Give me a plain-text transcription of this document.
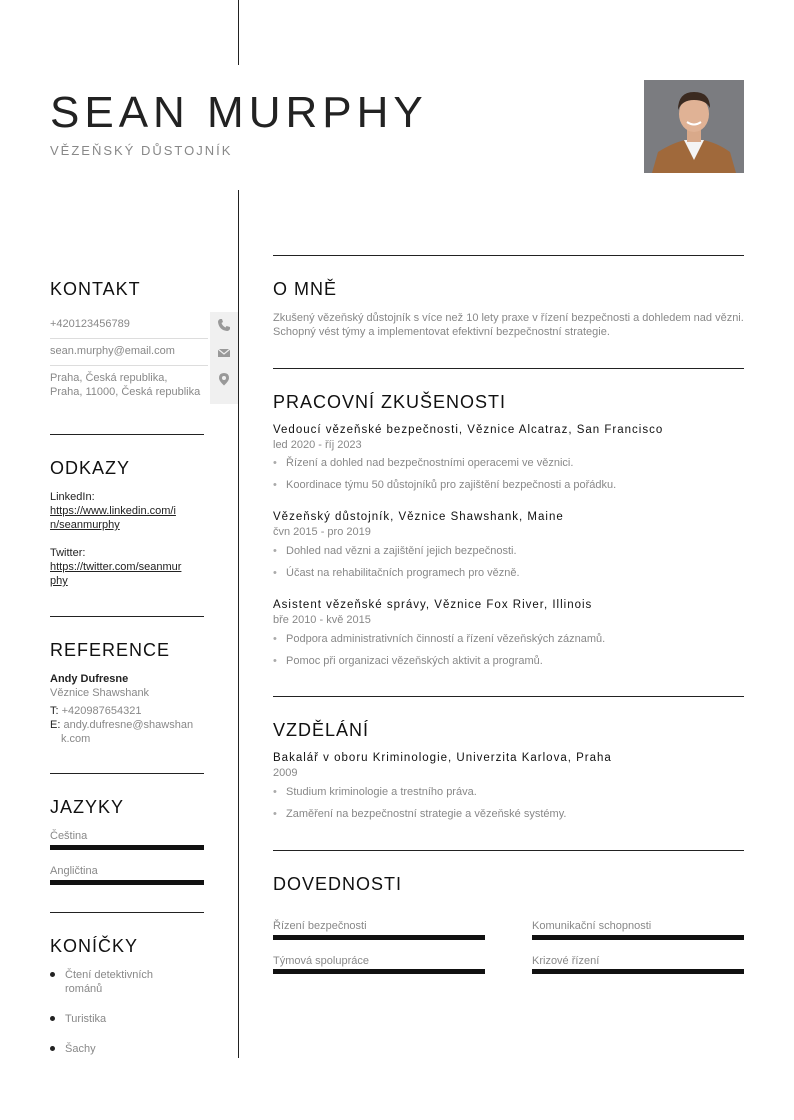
SEAN MURPHY
VĚZEŇSKÝ DŮSTOJNÍK
KONTAKT
+420123456789
sean.murphy@email.com
Praha, Česká republika,
Praha, 11000, Česká republika
ODKAZY
LinkedIn:
https://www.linkedin.com/i
n/seanmurphy
Twitter:
https://twitter.com/seanmur
phy
REFERENCE
Andy Dufresne
Věznice Shawshank
T: +420987654321
E: andy.dufresne@shawshan
k.com
JAZYKY
Čeština
Angličtina
KONÍČKY
Čtení detektivních
románů
Turistika
Šachy
O MNĚ
Zkušený vězeňský důstojník s více než 10 lety praxe v řízení bezpečnosti a dohledem nad vězni. Schopný vést týmy a implementovat efektivní bezpečnostní strategie.
PRACOVNÍ ZKUŠENOSTI
Vedoucí vězeňské bezpečnosti, Věznice Alcatraz, San Francisco
led 2020 - říj 2023
• Řízení a dohled nad bezpečnostními operacemi ve věznici.
• Koordinace týmu 50 důstojníků pro zajištění bezpečnosti a pořádku.
Vězeňský důstojník, Věznice Shawshank, Maine
čvn 2015 - pro 2019
• Dohled nad vězni a zajištění jejich bezpečnosti.
• Účast na rehabilitačních programech pro vězně.
Asistent vězeňské správy, Věznice Fox River, Illinois
bře 2010 - kvě 2015
• Podpora administrativních činností a řízení vězeňských záznamů.
• Pomoc při organizaci vězeňských aktivit a programů.
VZDĚLÁNÍ
Bakalář v oboru Kriminologie, Univerzita Karlova, Praha
2009
• Studium kriminologie a trestního práva.
• Zaměření na bezpečnostní strategie a vězeňské systémy.
DOVEDNOSTI
Řízení bezpečnosti	Komunikační schopnosti
Týmová spolupráce	Krizové řízení
